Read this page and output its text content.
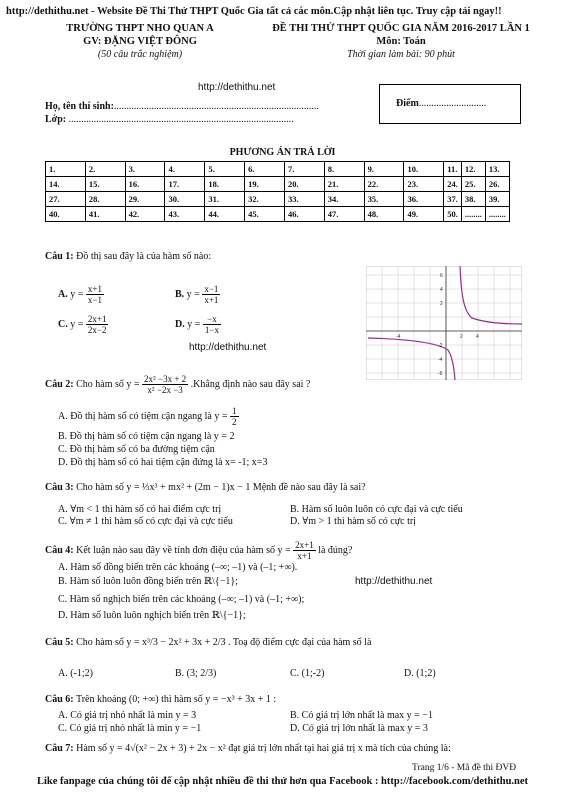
http://dethithu.net - Website Đề Thi Thử THPT Quốc Gia tất cả các môn.Cập nhật liên tục. Truy cập tải ngay!!
TRƯỜNG THPT NHO QUAN A
GV: ĐẶNG VIỆT ĐÔNG
(50 câu trắc nghiệm)
ĐỀ THI THỬ THPT QUỐC GIA NĂM 2016-2017 LẦN 1
Môn: Toán
Thời gian làm bài: 90 phút
http://dethithu.net
Họ, tên thí sinh:..................................................................................
Lớp: ..........................................................................................
Điểm...........................
PHƯƠNG ÁN TRẢ LỜI
1.	2.	3.	4.	5.	6.	7.	8.	9.	10.	11.	12.	13.
14.	15.	16.	17.	18.	19.	20.	21.	22.	23.	24.	25.	26.
27.	28.	29.	30.	31.	32.	33.	34.	35.	36.	37.	38.	39.
40.	41.	42.	43.	44.	45.	46.	47.	48.	49.	50.	........	........
Câu 1: Đồ thị sau đây là của hàm số nào:
A. $y = \frac{x+1}{x-1}$	B. $y = \frac{x-1}{x+1}$
C. $y = \frac{2x+1}{2x-2}$	D. $y = \frac{-x}{1-x}$
http://dethithu.net
6
4
2
-2
-4
-6
-4	2	4
Câu 2: Cho hàm số $y = \frac{\text{2x² −3x + 2}}{\text{x² −2x −3}}$ .Khẳng định nào sau đây sai ?
A. Đồ thị hàm số có tiệm cận ngang là $y = \frac{1}{2}$
B. Đồ thị hàm số có tiệm cận ngang là y = 2
C. Đồ thị hàm số có ba đường tiệm cận
D. Đồ thị hàm số có hai tiệm cận đứng là x= -1; x=3
Câu 3: Cho hàm số y = ⅓x³ + mx² + (2m − 1)x − 1 Mệnh đề nào sau đây là sai?
A. ∀m < 1 thì hàm số có hai điểm cực trị	B. Hàm số luôn luôn có cực đại và cực tiểu
C. ∀m ≠ 1 thì hàm số có cực đại và cực tiểu	D. ∀m > 1 thì hàm số có cực trị
Câu 4: Kết luận nào sau đây về tính đơn điệu của hàm số $y = \frac{2x+1}{x+1}$ là đúng?
A. Hàm số đồng biến trên các khoảng (–∞; –1) và (–1; +∞).
B. Hàm số luôn luôn đồng biến trên ℝ\{−1};	http://dethithu.net
C. Hàm số nghịch biến trên các khoảng (–∞; –1) và (–1; +∞);
D. Hàm số luôn luôn nghịch biến trên ℝ\{−1};
Câu 5: Cho hàm số y = x³/3 − 2x² + 3x + 2/3 . Toạ độ điểm cực đại của hàm số là
A. (-1;2)	B. (3; 2/3)	C. (1;-2)	D. (1;2)
Câu 6: Trên khoảng (0; +∞) thì hàm số y = −x³ + 3x + 1 :
A. Có giá trị nhỏ nhất là min y = 3	B. Có giá trị lớn nhất là max y = −1
C. Có giá trị nhỏ nhất là min y = −1	D. Có giá trị lớn nhất là max y = 3
Câu 7: Hàm số y = 4√(x² − 2x + 3) + 2x − x² đạt giá trị lớn nhất tại hai giá trị x mà tích của chúng là:
Trang 1/6 - Mã đề thi ĐVĐ
Like fanpage của chúng tôi để cập nhật nhiều đề thi thử hơn qua Facebook : http://facebook.com/dethithu.net
